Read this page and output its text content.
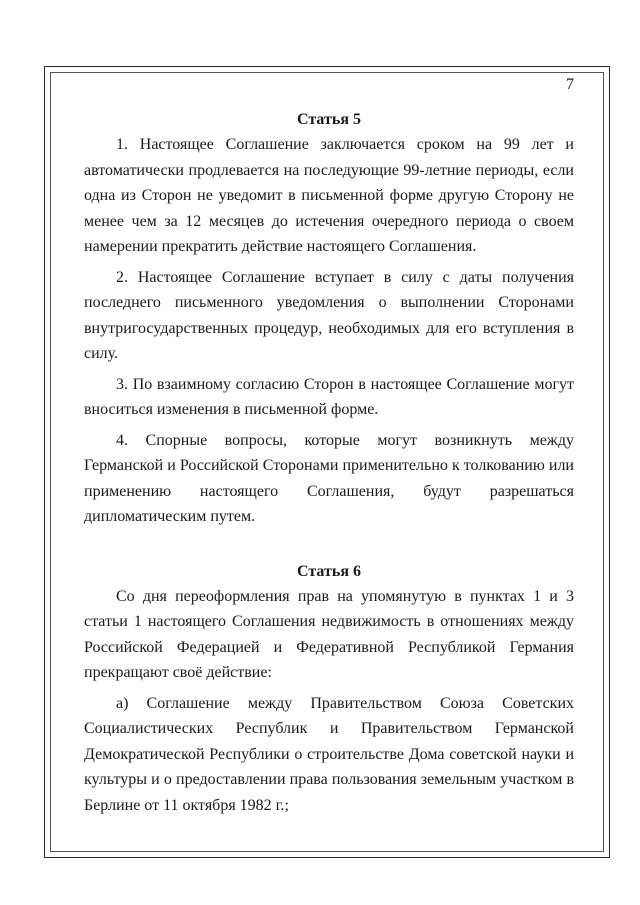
7
Статья 5

1. Настоящее Соглашение заключается сроком на 99 лет и автоматически продлевается на последующие 99-летние периоды, если одна из Сторон не уведомит в письменной форме другую Сторону не менее чем за 12 месяцев до истечения очередного периода о своем намерении прекратить действие настоящего Соглашения.

2. Настоящее Соглашение вступает в силу с даты получения последнего письменного уведомления о выполнении Сторонами внутригосударственных процедур, необходимых для его вступления в силу.

3. По взаимному согласию Сторон в настоящее Соглашение могут вноситься изменения в письменной форме.

4. Спорные вопросы, которые могут возникнуть между Германской и Российской Сторонами применительно к толкованию или применению настоящего Соглашения, будут разрешаться дипломатическим путем.

Статья 6

Со дня переоформления прав на упомянутую в пунктах 1 и 3 статьи 1 настоящего Соглашения недвижимость в отношениях между Российской Федерацией и Федеративной Республикой Германия прекращают своё действие:

а) Соглашение между Правительством Союза Советских Социалистических Республик и Правительством Германской Демократической Республики о строительстве Дома советской науки и культуры и о предоставлении права пользования земельным участком в Берлине от 11 октября 1982 г.;
